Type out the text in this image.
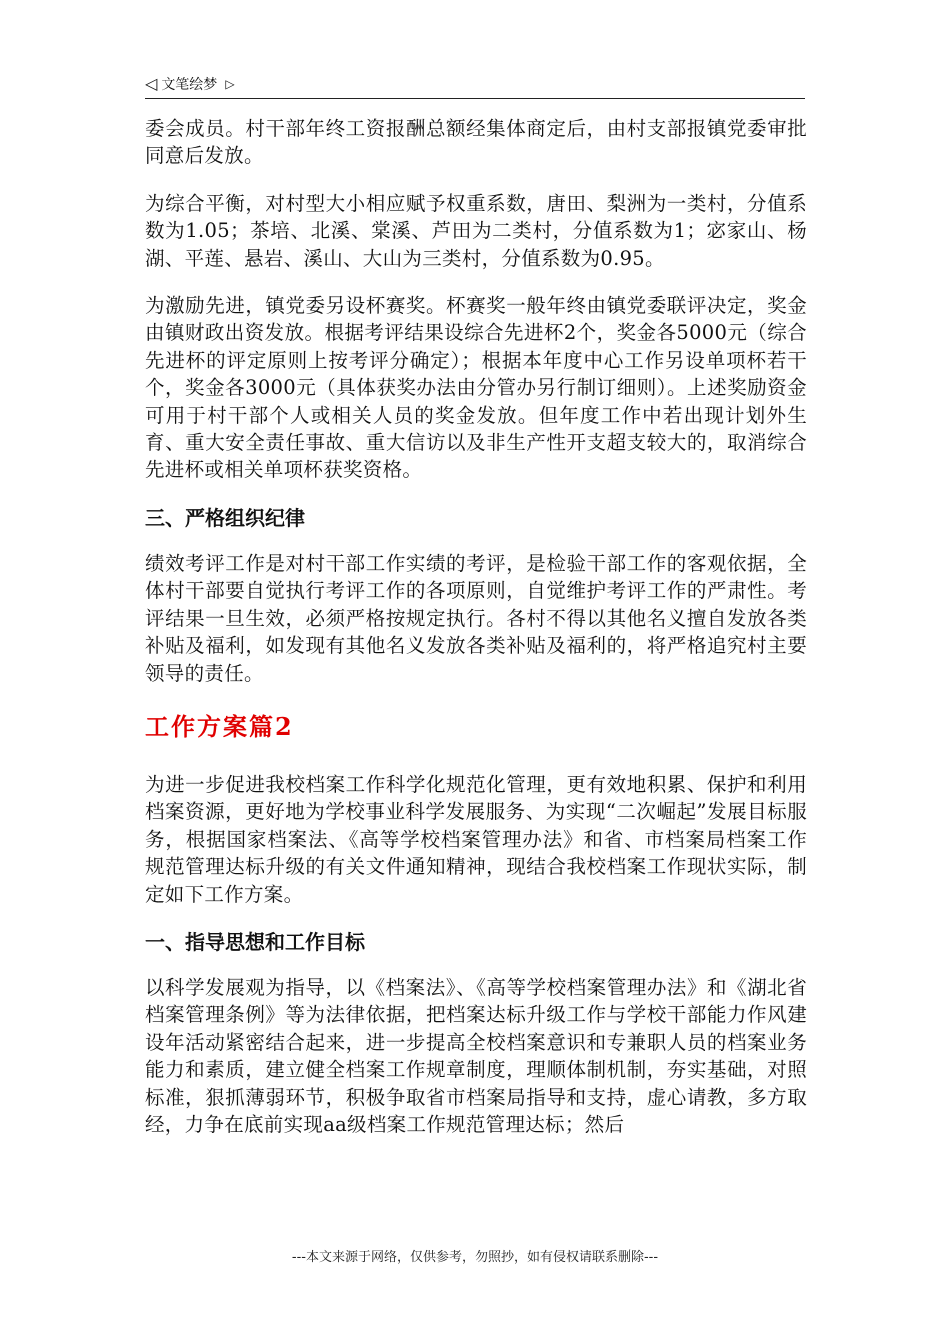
◁ 文笔绘梦 ▷

委会成员。村干部年终工资报酬总额经集体商定后，由村支部报镇党委审批同意后发放。

为综合平衡，对村型大小相应赋予权重系数，唐田、梨洲为一类村，分值系数为1.05；茶培、北溪、棠溪、芦田为二类村，分值系数为1；宓家山、杨湖、平莲、悬岩、溪山、大山为三类村，分值系数为0.95。

为激励先进，镇党委另设杯赛奖。杯赛奖一般年终由镇党委联评决定，奖金由镇财政出资发放。根据考评结果设综合先进杯2个，奖金各5000元（综合先进杯的评定原则上按考评分确定）；根据本年度中心工作另设单项杯若干个，奖金各3000元（具体获奖办法由分管办另行制订细则）。上述奖励资金可用于村干部个人或相关人员的奖金发放。但年度工作中若出现计划外生育、重大安全责任事故、重大信访以及非生产性开支超支较大的，取消综合先进杯或相关单项杯获奖资格。

三、严格组织纪律

绩效考评工作是对村干部工作实绩的考评，是检验干部工作的客观依据，全体村干部要自觉执行考评工作的各项原则，自觉维护考评工作的严肃性。考评结果一旦生效，必须严格按规定执行。各村不得以其他名义擅自发放各类补贴及福利，如发现有其他名义发放各类补贴及福利的，将严格追究村主要领导的责任。

工作方案篇2

为进一步促进我校档案工作科学化规范化管理，更有效地积累、保护和利用档案资源，更好地为学校事业科学发展服务、为实现“二次崛起”发展目标服务，根据国家档案法、《高等学校档案管理办法》和省、市档案局档案工作规范管理达标升级的有关文件通知精神，现结合我校档案工作现状实际，制定如下工作方案。

一、指导思想和工作目标

以科学发展观为指导，以《档案法》、《高等学校档案管理办法》和《湖北省档案管理条例》等为法律依据，把档案达标升级工作与学校干部能力作风建设年活动紧密结合起来，进一步提高全校档案意识和专兼职人员的档案业务能力和素质，建立健全档案工作规章制度，理顺体制机制，夯实基础，对照标准，狠抓薄弱环节，积极争取省市档案局指导和支持，虚心请教，多方取经，力争在底前实现aa级档案工作规范管理达标；然后

---本文来源于网络，仅供参考，勿照抄，如有侵权请联系删除---
